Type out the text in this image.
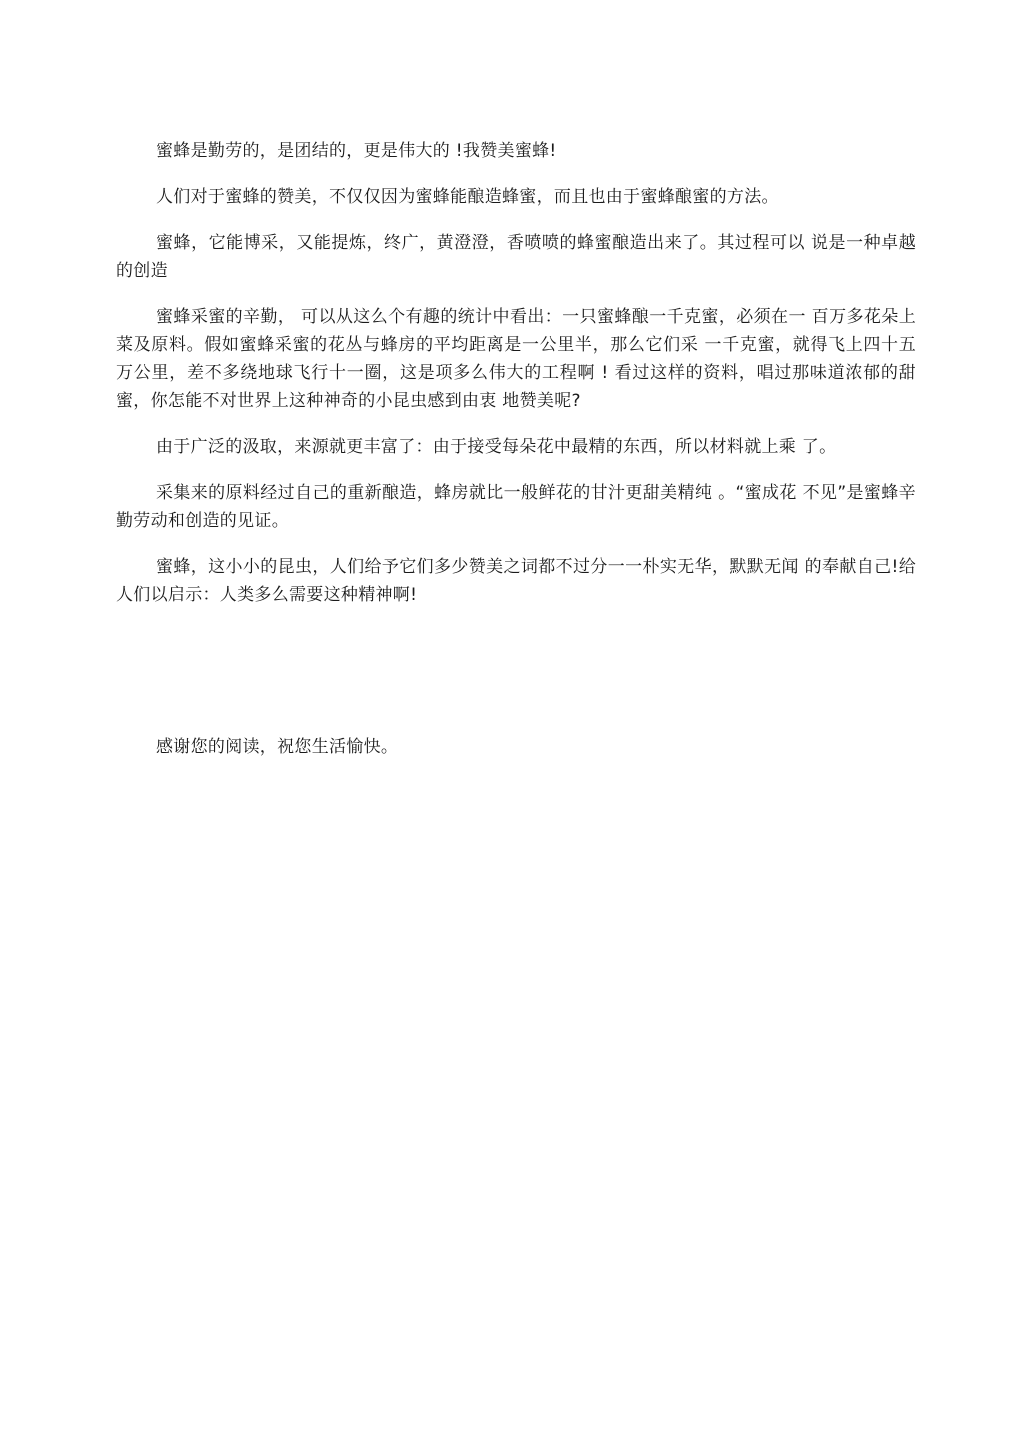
蜜蜂是勤劳的，是团结的，更是伟大的 !我赞美蜜蜂!

人们对于蜜蜂的赞美，不仅仅因为蜜蜂能酿造蜂蜜，而且也由于蜜蜂酿蜜的方法。

蜜蜂，它能博采，又能提炼，终广，黄澄澄，香喷喷的蜂蜜酿造出来了。其过程可以 说是一种卓越的创造

蜜蜂采蜜的辛勤， 可以从这么个有趣的统计中看出：一只蜜蜂酿一千克蜜，必须在一 百万多花朵上菜及原料。假如蜜蜂采蜜的花丛与蜂房的平均距离是一公里半，那么它们采 一千克蜜，就得飞上四十五万公里，差不多绕地球飞行十一圈，这是项多么伟大的工程啊 ! 看过这样的资料，唱过那味道浓郁的甜蜜，你怎能不对世界上这种神奇的小昆虫感到由衷 地赞美呢?

由于广泛的汲取，来源就更丰富了：由于接受每朵花中最精的东西，所以材料就上乘 了。

采集来的原料经过自己的重新酿造，蜂房就比一般鲜花的甘汁更甜美精纯 。“蜜成花 不见”是蜜蜂辛勤劳动和创造的见证。

蜜蜂，这小小的昆虫，人们给予它们多少赞美之词都不过分一一朴实无华，默默无闻 的奉献自己!给人们以启示：人类多么需要这种精神啊!

感谢您的阅读，祝您生活愉快。
